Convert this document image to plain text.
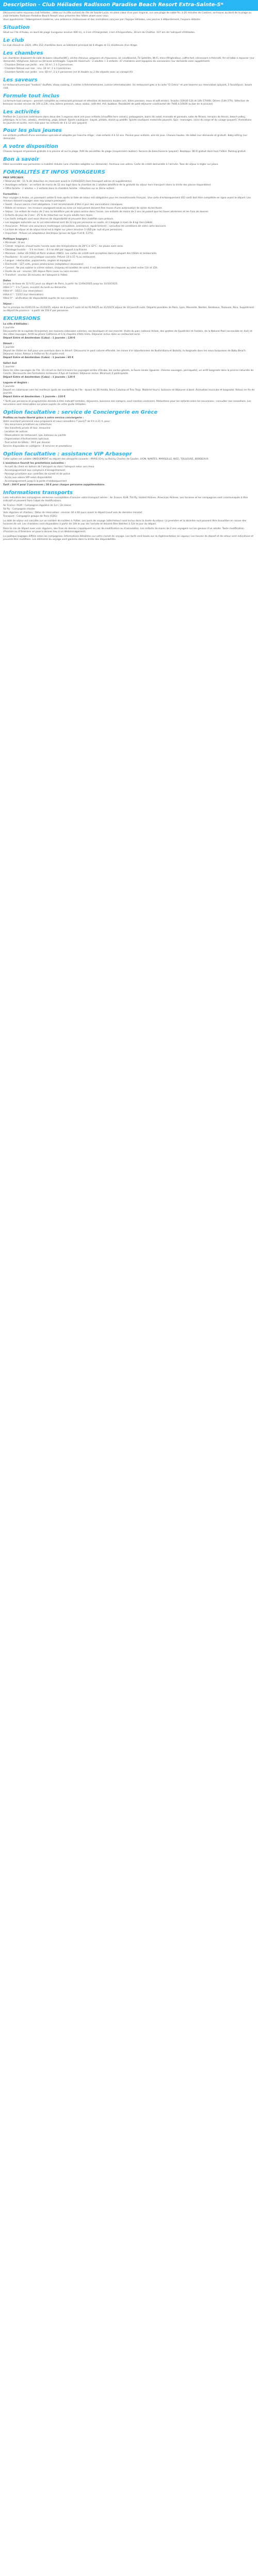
Description - Club Héliades Radisson Paradise Beach Resort Extra-Sainte-S*

Découvrez notre nouveau club héliades : idéal sur la côte sud-est de l'île de Sainte-Lucie, en plein cœur d'un parc tropical, sur une plage de sable fin, à 20 minutes de Castries, se trouve au bord de la plage ou club Heliades Radisson Paradise Beach Resort vous présente des hôtels allant avec vous.

Vous apprécierez : hébergement moderne, une ambiance chaleureuse et des animations conçues par l'équipe Héliades, une piscine à débordement, l'espace détente.

Situation

Situé sur l'île d'Aruba, en bord de plage (Longueur environ 400 m), à 3 km d'Oranjestad, 3 km d'Ampersfohu, 30 km de Chatfon, 107 km de l'aéroport d'Héliades.

Le club

Le club rénové en 2024, offre 152 chambres dans un bâtiment principal de 4 étages et 11 résidences d'un étage.

Les chambres

Les chambres disposent de salle de bains (douche/WC), sèche-cheveux, peignoirs et chaussons, air conditionné, TV Satellite, Wi-Fi, mini-réfrigérateur, coffre-fort, nécessaire à thé/café, fer et table à repasser (sur demande), téléphone, balcon ou terrasse aménagés. Capacité maximum : 2 adultes + 2 enfants. 37 chambres sont équipées de connexions (sur demande avec supplément).

- Chambre Deluxe vue jardin : env. 34 m², 2 à 3 personnes.

- Chambre Deluxe vue mer : env. 34 m², 2 à 3 personnes.

- Chambre famille vue jardin : env. 60 m², 2 à 4 personnes (en lit double ou 2 lits séparés avec un canapé lit).

Les saveurs

Le restaurant principal "Isadora" (buffets, show cooking, 2 soirées à thème/semaine, cuisine internationale). Un restaurant grec à la carte "El Greco" et une taverne sur réservation (payant, 2 fois/séjour), beach club.

Formule tout inclus

La formule tout compris : pension complète au restaurant principal et sélection de boissons locales (vin, bière pression, eaux et soft drinks). Snacks (10h30-12h et 14h-17h00). Dîners (14h-17h). Sélection de boissons locales servies de 10h à 23h, vins, bières pression, eaux, sodas, café-thé, thé, bubbles. Possibilité de petit-déjeuner continental (de 7h00 à 10h00 au bar de la piscine).

Les activités

Profitez de 2 piscines extérieures dans deux des 3 espaces dont une pour enfants (chauffée hors saison), pataugeoire, bains de soleil, transats et parasols, salle de fitness, terrains de tennis, beach-volley, pétanque, tir à l'arc, aérobic, stretching, yoga, billard. Sports nautiques : kayak, pédalo, stand up paddle. Sports nautiques motorisés payants. Spa : massages, soins du corps et du visage (payant). Animations en journée et soirée, mini club pour les enfants de 4 à 12 ans (payant).

Pour les plus jeunes

Les enfants profitent d'une animation spéciale et adaptée par tranche d'âge ; club enfants 4 à 12 ans. Piscine pour enfants, aire de jeux. Chaises hautes, lits bébé (sur demande et gratuit). Baby-sitting (sur demande).

A votre disposition

Chaises longues et parasols gratuits à la piscine et sur la plage. Prêt de serviettes de plage (moyennant caution). Service de blanchisserie (payant). Boutique. Wi-Fi gratuit dans tout l'hôtel. Parking gratuit.

Bon à savoir

Hôtel accessible aux personnes à mobilité réduite (une chambre adaptée sur demande). Animaux non admis. Carte de crédit demandée à l'arrivée. Taxe de séjour à régler sur place.

FORMALITÉS ET INFOS VOYAGEURS

PRIX SPÉCIAUX

• Réservez tôt : 15 % de réduction en réservant avant le 31/03/2025 (hors transport aérien et suppléments).

• Avantages enfants : un enfant de moins de 12 ans logé dans la chambre de 2 adultes bénéficie de la gratuité du séjour hors transport (dans la limite des places disponibles).

• Offre famille : 2 adultes + 2 enfants dans la chambre famille : réduction sur le 2ème enfant.

Formalités :

Pour voyager à Aruba, un passeport valide 6 mois après la date de retour est obligatoire pour les ressortissants français. Une carte d'embarquement (ED card) doit être complétée en ligne avant le départ. Les mineurs doivent voyager avec leur propre passeport.

• Santé : Aucun vaccin n'est obligatoire. Il est recommandé d'être à jour des vaccinations classiques.

• Bébés et mineurs : les mineurs voyageant seuls ou avec un seul parent doivent être munis d'une autorisation de sortie du territoire.

• Séjour : Un enfant de moins de 2 ans ne bénéficie pas de place assise dans l'avion. Les enfants de moins de 2 ans ne paient que les taxes aériennes et les frais de dossier.

• Enfants de plus de 2 ans : 25 % de réduction sur le prix adulte hors taxes.

• Les tarifs indiqués sont sous réserve de disponibilité et peuvent être modifiés sans préavis.

• Les bagages autorisés sur le vol international sont de 23 kg par personne en soute, et 1 bagage à main de 8 kg (hors bébé).

• Assurance : Prévoir une assurance multirisque (annulation, assistance, rapatriement) ; consultez les conditions de votre carte bancaire.

• La taxe de séjour et de séjour local est à régler sur place (environ 3 USD par nuit et par personne).

• Important : Prévoir un adaptateur électrique (prises de type A et B, 127V).

Politique bagages :

• Minimale : 8 ans

• Climat : tropical, chaud toute l'année avec des températures de 28°C à 32°C ; les pluies sont rares.

• Décalage horaire : - 5 h en hiver, - 6 h en été par rapport à la France.

• Monnaie : dollar US (USD) et florin arubais (AWG). Les cartes de crédit sont acceptées dans la plupart des hôtels et restaurants.

• Pourboires : ils sont une pratique courante. Prévoir 10 à 15 % au restaurant.

• Langue : néerlandais, papiamento, anglais et espagnol.

• Électricité : 127 volts, prises américaines (adaptateur nécessaire).

• Conseil : Ne pas oublier la crème solaire, chapeau et lunettes de soleil. Il est déconseillé de s'exposer au soleil entre 11h et 15h.

• Durée de vol : environ 10h depuis Paris (avec ou sans escale).

• Transfert : environ 30 minutes de l'aéroport à l'hôtel.

Dates

Le prix de base de 12 h/11 jours au départ de Paris, à partir du 12/04/2025 jusqu'au 31/10/2025.

Hôtel 3 * : 3 à 7 jours, encadré du lundi au dimanche.

Hôtel 4* : 10/11 (sur réservation).

Hôtel 4 * : 11/12 (sur réservation).

Hôtel 5* : vérification de disponibilité auprès de nos conseillers.

Séjour :

Sur le principe du 01/01/25 au 31/03/25, séjour de 8 jours/7 nuits et du 01/04/25 au 31/10/25 séjour de 10 jours/9 nuits. Départs possibles de Paris, Lyon, Marseille, Nantes, Bordeaux, Toulouse, Nice. Supplément au départ de province : à partir de 150 € par personne.

EXCURSIONS

La ville d'Héliades :

1 journée

Découverte de la capitale Oranjestad, ses maisons coloniales colorées, ses boutiques et son marché. Visite du parc national Arikok, des grottes de Quadirikiri et Fontein, de la Natural Pool (accessible en 4x4) et des côtes sauvages. Arrêt au phare California et à la chapelle d'Alto Vista. Déjeuner inclus dans un restaurant local.

Départ Entre et Amsterdam (Cuba) : 1 journée : 120 €

Désert :

1 journée

Départ de l'hôtel en 4x4 pour une aventure dans le désert. Découvrez le pont naturel effondré, les mines d'or abandonnées de Bushiribana et Balashi, la baignade dans les eaux turquoises de Baby Beach. Déjeuner inclus. Retour à l'hôtel en fin d'après-midi.

Départ Entre et Amsterdam (Cuba) : 1 journée : 95 €

Safari 4x4

1 journée

Dans les sites sauvages de l'île. Un circuit en 4x4 à travers les paysages arides d'Aruba, les cactus géants, la faune locale (iguanes, chèvres sauvages, perroquets), un arrêt baignade dans la piscine naturelle de Conchi. Découverte des formations rocheuses d'Ayo et Casibari. Déjeuner inclus. Minimum 2 participants.

Départ Entre et Amsterdam (Cuba) : 1 journée : 120 €

Lagune et Anglais :

1 journée

Départ en catamaran vers les meilleurs spots de snorkeling de l'île : épave du SS Antilla, Boca Catalina et Tres Trapi. Matériel fourni, boissons et déjeuner à bord. Animation musicale et baignade. Retour en fin de journée.

Départ Entre et Amsterdam : 1 journée : 110 €

* Tarifs par personne et programmes donnés à titre indicatif (entrées, déjeuners, boissons non compris, sauf mention contraire). Réductions pour les enfants selon les excursions : consulter nos conseillers. Les excursions sont réservables sur place auprès de votre guide Héliades.

Option facultative : service de Conciergerie en Grèce

Profitez en toute liberté grâce à notre service conciergerie :

Votre assistant personnel vous proposera et vous conseillera 7 jours/7 de 9 h à 21 h, pour :

- Vos excursions privatives ou collectives

- Vos transferts privés et taxi, limousine

- Location de voiture

- Réservations de restaurant, spa, bateaux ou yachts

- Organisation d'événements spéciaux

- Tout achat de billets : 39 € par dossier.

Service disponible en catégorie : 8 services et prestations

Option facultative : assistance VIP Arbasopr

Cette option est valable UNIQUEMENT au départ des aéroports suivants : PARIS (Orly ou Roissy Charles de Gaulle), LYON, NANTES, MARSEILLE, NICE, TOULOUSE, BORDEAUX.

L'assistance fournit les prestations suivantes :

- Accueil du client en dehors de l'aéroport ou dans l'aéroport selon son choix

- Accompagnement aux comptoirs d'enregistrement

- Passage prioritaire aux contrôles de sûreté et de police

- Accès aux salons VIP selon disponibilité

- Accompagnement jusqu'à la porte d'embarquement

Tarif : 260 € pour 2 personnes ; 50 € pour chaque personne supplémentaire.

Informations transports

Liste indicative des compagnies aériennes susceptibles d'assurer votre transport aérien : Air France, KLM, TUI fly, United Airlines, American Airlines. Les horaires et les compagnies sont communiqués à titre indicatif et peuvent faire l'objet de modifications.

Air France / KLM : Compagnie régulière de 1re / 2e classe

Tui fly : Compagnie charter

Vols réguliers et charters : Délai de réservation : environ 30 à 60 jours avant le départ (sauf vols de dernière minute).

Transport : Compagnie groupe de Paris (CDG)

La date de séjour est calculée sur un nombre de nuitées à l'hôtel. Les jours de voyage (aller/retour) sont inclus dans la durée du séjour. La première et la dernière nuit peuvent être écourtées en raison des horaires de vol. Les chambres sont disponibles à partir de 14h le jour de l'arrivée et doivent être libérées à 12h le jour du départ.

Dans le cas de départ avec vols réguliers, des frais de dossier s'appliquent en cas de modification ou d'annulation. Les enfants de moins de 2 ans voyagent sur les genoux d'un adulte. Toute modification d'horaire ou d'itinéraire ne pourra donner lieu à un dédommagement.

La politique bagages diffère selon les compagnies. Informations détaillées sur votre carnet de voyage. Les tarifs sont basés sur la réglementation en vigueur. Les heures de départ et de retour sont indicatives et peuvent être modifiées. Les éléments du voyage sont garantis dans la limite des disponibilités.
